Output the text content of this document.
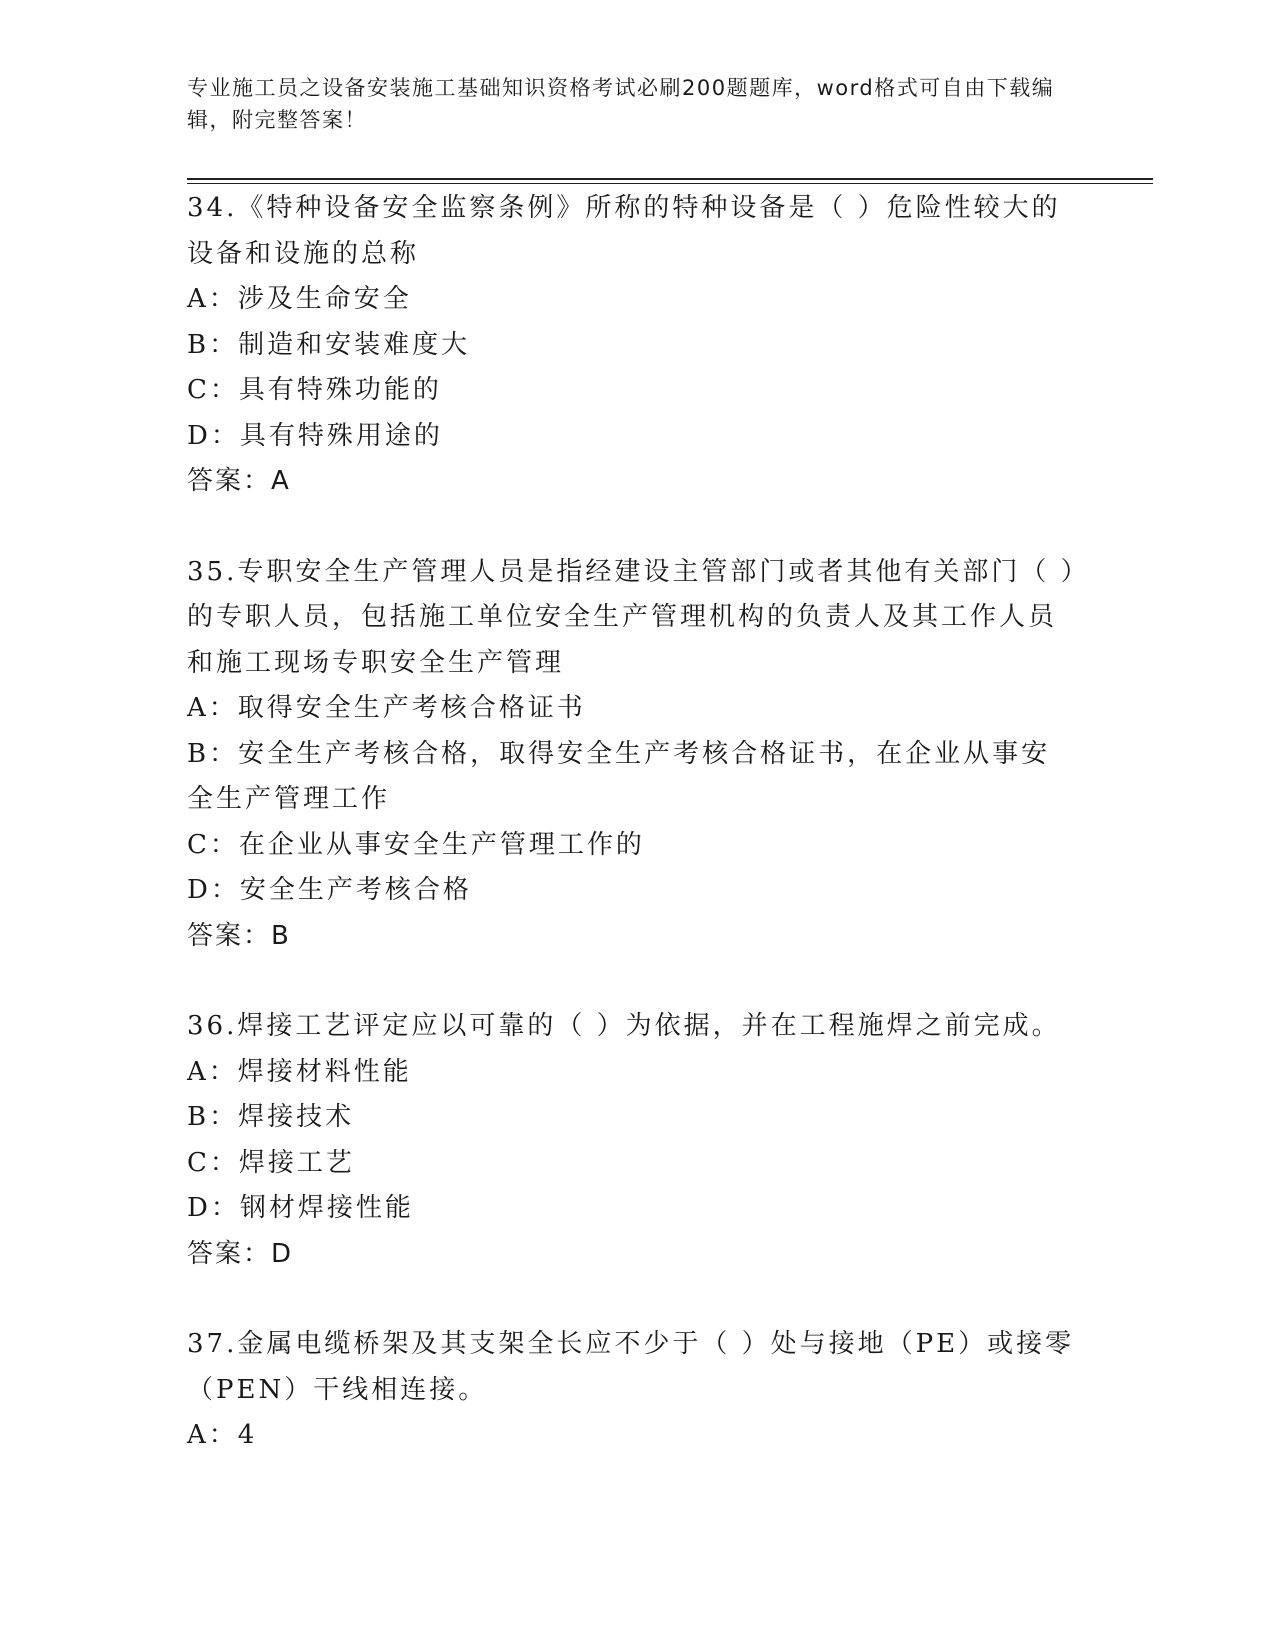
专业施工员之设备安装施工基础知识资格考试必刷200题题库，word格式可自由下载编辑，附完整答案！

34.《特种设备安全监察条例》所称的特种设备是（ ）危险性较大的设备和设施的总称
A：涉及生命安全
B：制造和安装难度大
C：具有特殊功能的
D：具有特殊用途的
答案：A
35.专职安全生产管理人员是指经建设主管部门或者其他有关部门（ ）的专职人员，包括施工单位安全生产管理机构的负责人及其工作人员和施工现场专职安全生产管理
A：取得安全生产考核合格证书
B：安全生产考核合格，取得安全生产考核合格证书，在企业从事安全生产管理工作
C：在企业从事安全生产管理工作的
D：安全生产考核合格
答案：B
36.焊接工艺评定应以可靠的（ ）为依据，并在工程施焊之前完成。
A：焊接材料性能
B：焊接技术
C：焊接工艺
D：钢材焊接性能
答案：D
37.金属电缆桥架及其支架全长应不少于（ ）处与接地（PE）或接零（PEN）干线相连接。
A：4
